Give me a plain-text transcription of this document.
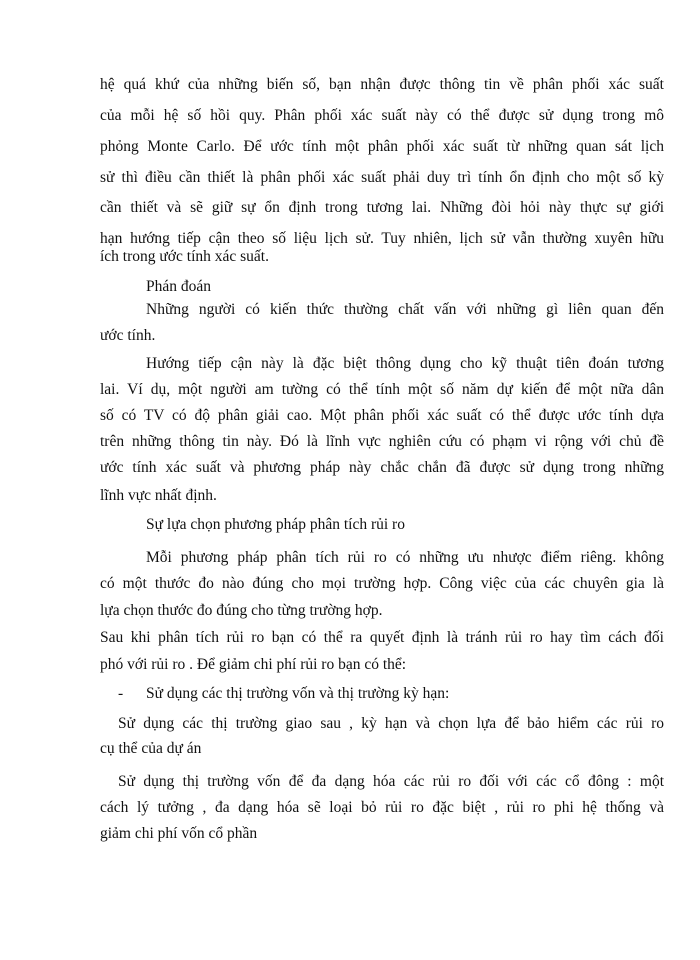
hệ quá khứ của những biến số, bạn nhận được thông tin về phân phối xác suất
của mỗi hệ số hồi quy. Phân phối xác suất này có thể được sử dụng trong mô
phỏng Monte Carlo. Để ước tính một phân phối xác suất từ những quan sát lịch
sử thì điều cần thiết là phân phối xác suất phải duy trì tính ổn định cho một số kỳ
cần thiết và sẽ giữ sự ổn định trong tương lai. Những đòi hỏi này thực sự giới
hạn hướng tiếp cận theo số liệu lịch sử. Tuy nhiên, lịch sử vẫn thường xuyên hữu
ích trong ước tính xác suất.
Phán đoán
Những người có kiến thức thường chất vấn với những gì liên quan đến
ước tính.
Hướng tiếp cận này là đặc biệt thông dụng cho kỹ thuật tiên đoán tương
lai. Ví dụ, một người am tường có thể tính một số năm dự kiến để một nữa dân
số có TV có độ phân giải cao. Một phân phối xác suất có thể được ước tính dựa
trên những thông tin này. Đó là lĩnh vực nghiên cứu có phạm vi rộng với chủ đề
ước tính xác suất và phương pháp này chắc chắn đã được sử dụng trong những
lĩnh vực nhất định.
Sự lựa chọn phương pháp phân tích rủi ro
Mỗi phương pháp phân tích rủi ro có những ưu nhược điểm riêng. không
có một thước đo nào đúng cho mọi trường hợp. Công việc của các chuyên gia là
lựa chọn thước đo đúng cho từng trường hợp.
Sau khi phân tích rủi ro bạn có thể ra quyết định là tránh rủi ro hay tìm cách đối
phó với rủi ro . Để giảm chi phí rủi ro bạn có thể:
- Sử dụng các thị trường vốn và thị trường kỳ hạn:
Sử dụng các thị trường giao sau , kỳ hạn và chọn lựa để bảo hiểm các rủi ro
cụ thể của dự án
Sử dụng thị trường vốn để đa dạng hóa các rủi ro đối với các cổ đông : một
cách lý tưởng , đa dạng hóa sẽ loại bỏ rủi ro đặc biệt , rủi ro phi hệ thống và
giảm chi phí vốn cổ phần
